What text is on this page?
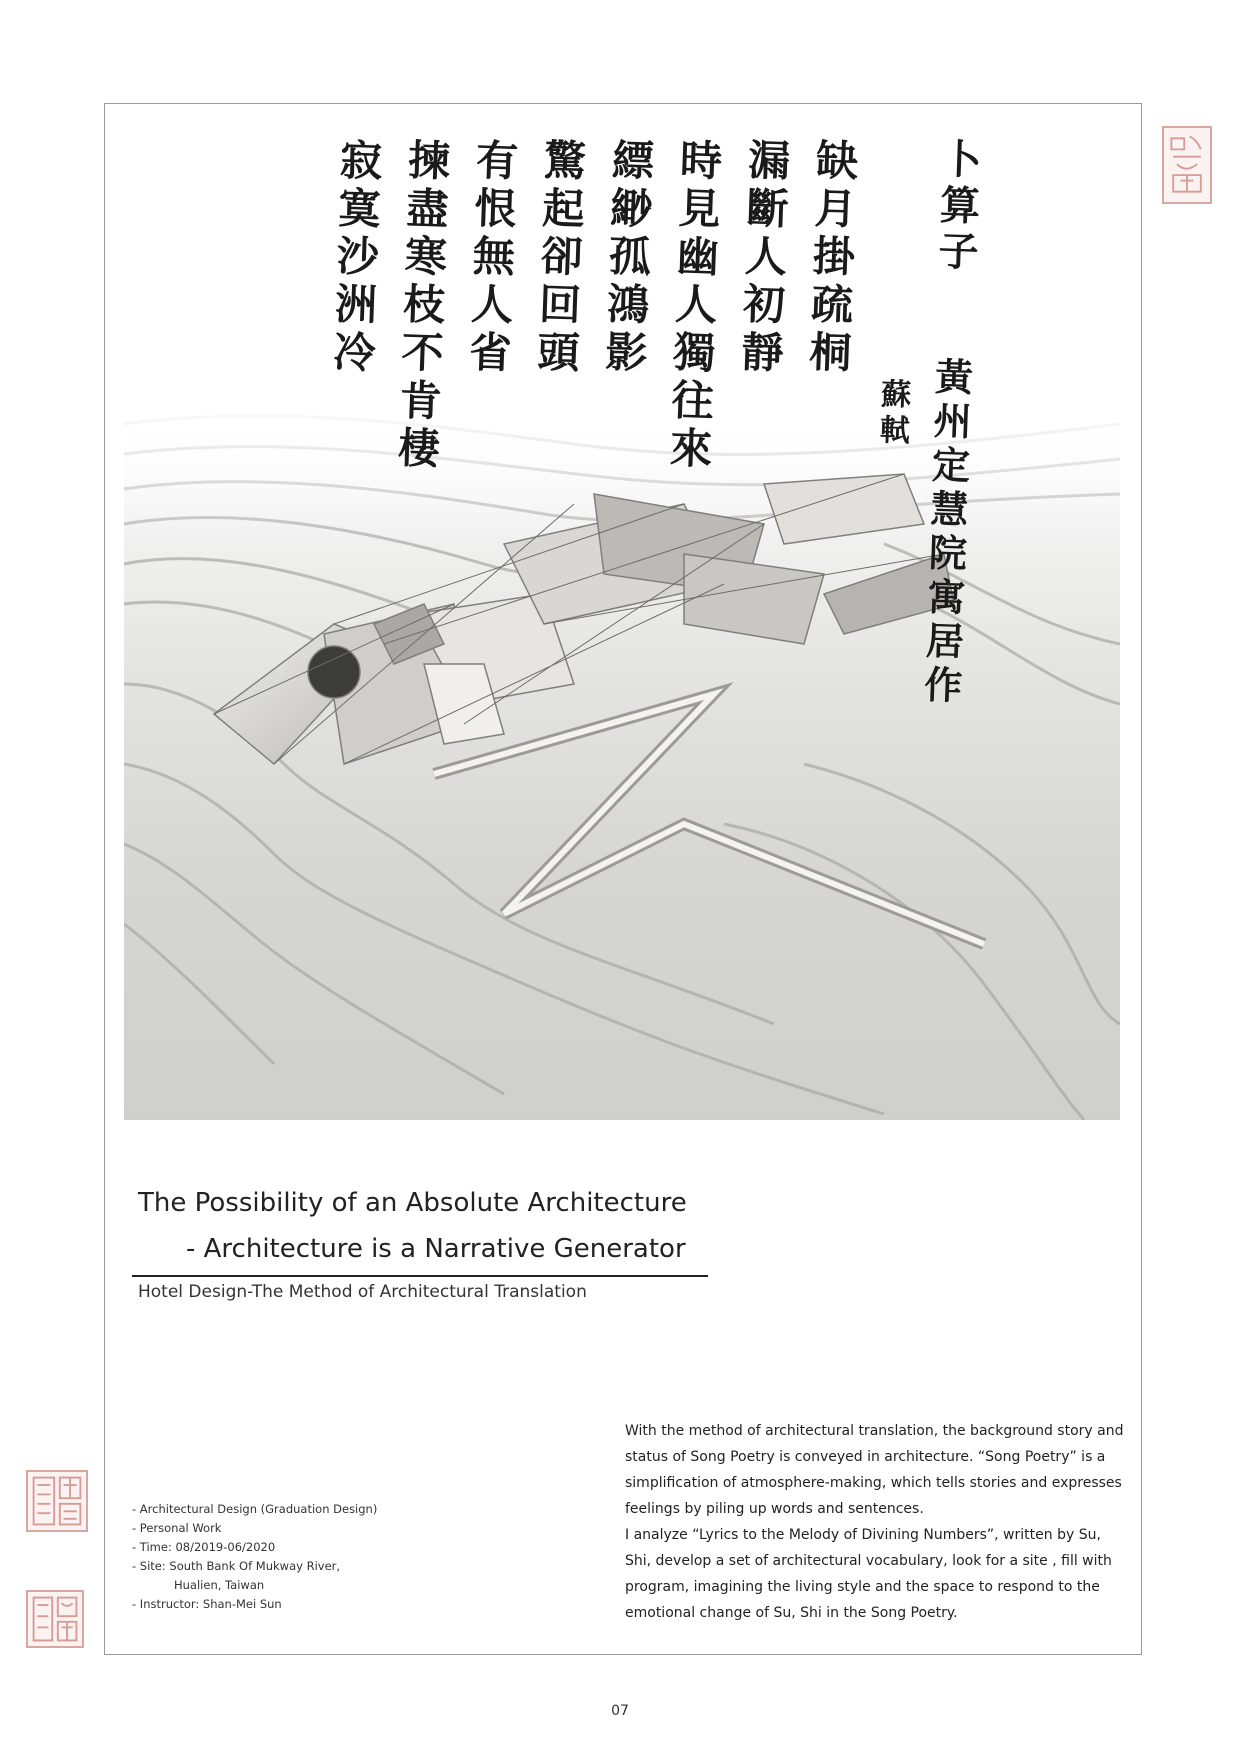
卜算子 黃州定慧院寓居作
蘇軾
缺月掛疏桐
漏斷人初靜
時見幽人獨往來
縹緲孤鴻影
驚起卻回頭
有恨無人省
揀盡寒枝不肯棲
寂寞沙洲冷
The Possibility of an Absolute Architecture
- Architecture is a Narrative Generator
Hotel Design-The Method of Architectural Translation
- Architectural Design (Graduation Design)
- Personal Work
- Time: 08/2019-06/2020
- Site: South Bank Of Mukway River,
Hualien, Taiwan
- Instructor: Shan-Mei Sun
With the method of architectural translation, the background story and status of Song Poetry is conveyed in architecture. “Song Poetry” is a simplification of atmosphere-making, which tells stories and expresses feelings by piling up words and sentences.
I analyze “Lyrics to the Melody of Divining Numbers”, written by Su, Shi, develop a set of architectural vocabulary, look for a site , fill with program, imagining the living style and the space to respond to the emotional change of Su, Shi in the Song Poetry.
07
